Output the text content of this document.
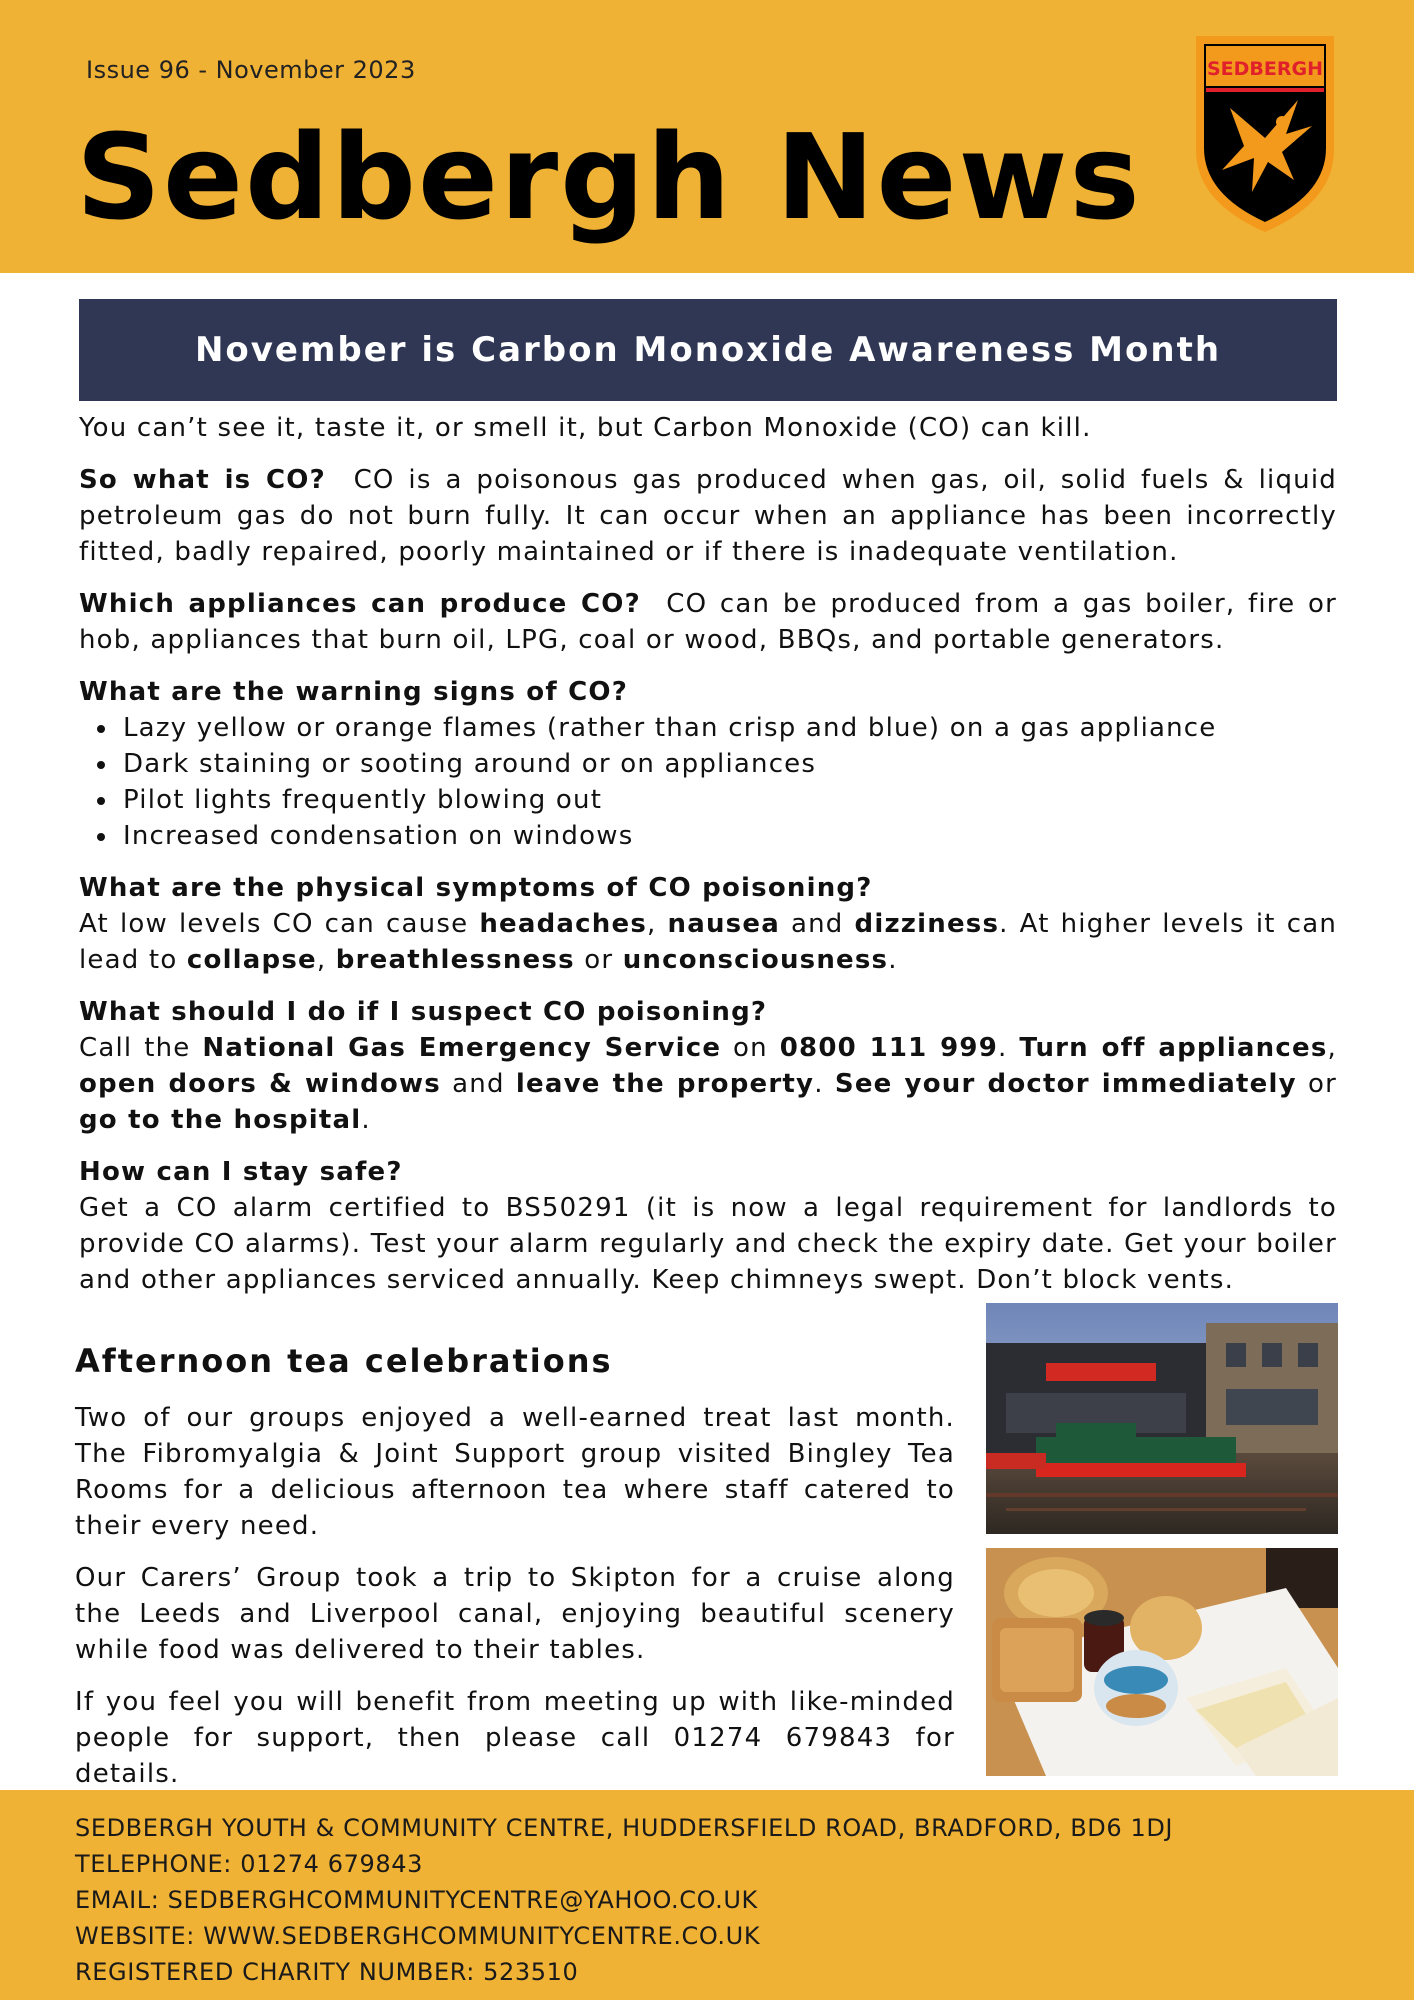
Issue 96 - November 2023
Sedbergh News
SEDBERGH
November is Carbon Monoxide Awareness Month

You can’t see it, taste it, or smell it, but Carbon Monoxide (CO) can kill.

So what is CO? CO is a poisonous gas produced when gas, oil, solid fuels & liquid petroleum gas do not burn fully. It can occur when an appliance has been incorrectly fitted, badly repaired, poorly maintained or if there is inadequate ventilation.

Which appliances can produce CO? CO can be produced from a gas boiler, fire or hob, appliances that burn oil, LPG, coal or wood, BBQs, and portable generators.

What are the warning signs of CO?
Lazy yellow or orange flames (rather than crisp and blue) on a gas appliance
Dark staining or sooting around or on appliances
Pilot lights frequently blowing out
Increased condensation on windows
What are the physical symptoms of CO poisoning?

At low levels CO can cause headaches, nausea and dizziness. At higher levels it can lead to collapse, breathlessness or unconsciousness.

What should I do if I suspect CO poisoning?

Call the National Gas Emergency Service on 0800 111 999. Turn off appliances, open doors & windows and leave the property. See your doctor immediately or go to the hospital.

How can I stay safe?

Get a CO alarm certified to BS50291 (it is now a legal requirement for landlords to provide CO alarms). Test your alarm regularly and check the expiry date. Get your boiler and other appliances serviced annually. Keep chimneys swept. Don’t block vents.

Afternoon tea celebrations

Two of our groups enjoyed a well-earned treat last month. The Fibromyalgia & Joint Support group visited Bingley Tea Rooms for a delicious afternoon tea where staff catered to their every need.

Our Carers’ Group took a trip to Skipton for a cruise along the Leeds and Liverpool canal, enjoying beautiful scenery while food was delivered to their tables.

If you feel you will benefit from meeting up with like-minded people for support, then please call 01274 679843 for details.

SEDBERGH YOUTH & COMMUNITY CENTRE, HUDDERSFIELD ROAD, BRADFORD, BD6 1DJ
TELEPHONE: 01274 679843
EMAIL: SEDBERGHCOMMUNITYCENTRE@YAHOO.CO.UK
WEBSITE: WWW.SEDBERGHCOMMUNITYCENTRE.CO.UK
REGISTERED CHARITY NUMBER: 523510
